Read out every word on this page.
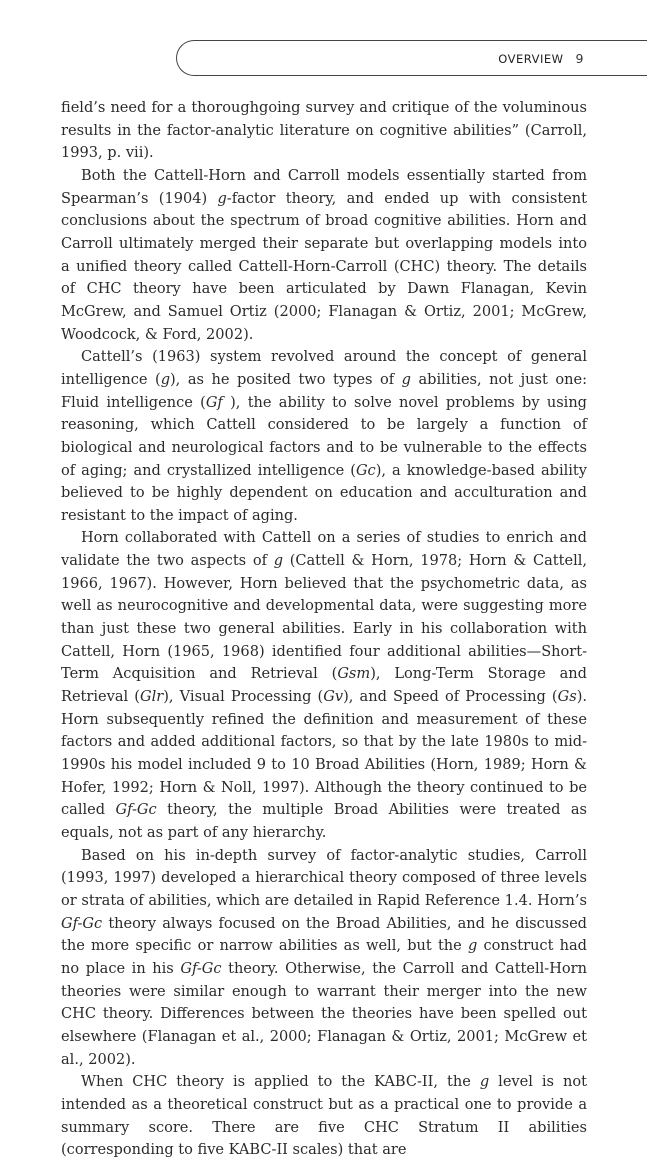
OVERVIEW 9

field’s need for a thoroughgoing survey and critique of the voluminous results in the factor-analytic literature on cognitive abilities” (Carroll, 1993, p. vii).

Both the Cattell-Horn and Carroll models essentially started from Spearman’s (1904) g-factor theory, and ended up with consistent conclusions about the spectrum of broad cognitive abilities. Horn and Carroll ultimately merged their separate but overlapping models into a unified theory called Cattell-Horn-Carroll (CHC) theory. The details of CHC theory have been articulated by Dawn Flanagan, Kevin McGrew, and Samuel Ortiz (2000; Flanagan & Ortiz, 2001; McGrew, Woodcock, & Ford, 2002).

Cattell’s (1963) system revolved around the concept of general intelligence (g), as he posited two types of g abilities, not just one: Fluid intelligence (Gf ), the ability to solve novel problems by using reasoning, which Cattell considered to be largely a function of biological and neurological factors and to be vulnerable to the effects of aging; and crystallized intelligence (Gc), a knowledge-based ability believed to be highly dependent on education and acculturation and resistant to the impact of aging.

Horn collaborated with Cattell on a series of studies to enrich and validate the two aspects of g (Cattell & Horn, 1978; Horn & Cattell, 1966, 1967). However, Horn believed that the psychometric data, as well as neurocognitive and developmental data, were suggesting more than just these two general abilities. Early in his collaboration with Cattell, Horn (1965, 1968) identified four additional abilities—Short-Term Acquisition and Retrieval (Gsm), Long-Term Storage and Retrieval (Glr), Visual Processing (Gv), and Speed of Processing (Gs). Horn subsequently refined the definition and measurement of these factors and added additional factors, so that by the late 1980s to mid-1990s his model included 9 to 10 Broad Abilities (Horn, 1989; Horn & Hofer, 1992; Horn & Noll, 1997). Although the theory continued to be called Gf-Gc theory, the multiple Broad Abilities were treated as equals, not as part of any hierarchy.

Based on his in-depth survey of factor-analytic studies, Carroll (1993, 1997) developed a hierarchical theory composed of three levels or strata of abilities, which are detailed in Rapid Reference 1.4. Horn’s Gf-Gc theory always focused on the Broad Abilities, and he discussed the more specific or narrow abilities as well, but the g construct had no place in his Gf-Gc theory. Otherwise, the Carroll and Cattell-Horn theories were similar enough to warrant their merger into the new CHC theory. Differences between the theories have been spelled out elsewhere (Flanagan et al., 2000; Flanagan & Ortiz, 2001; McGrew et al., 2002).

When CHC theory is applied to the KABC-II, the g level is not intended as a theoretical construct but as a practical one to provide a summary score. There are five CHC Stratum II abilities (corresponding to five KABC-II scales) that are
